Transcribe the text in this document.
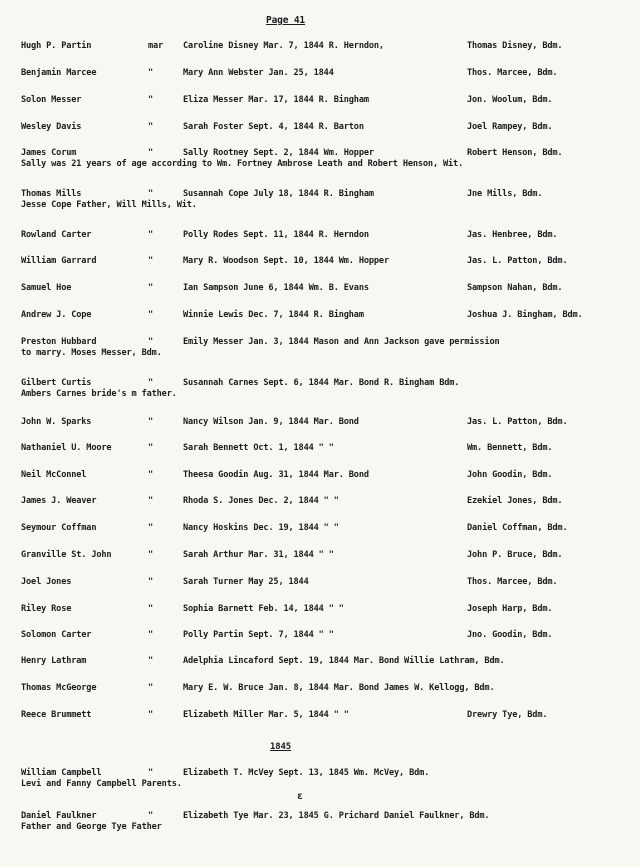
Page 41
Hugh P. Partin	mar Caroline Disney Mar. 7, 1844 R. Herndon,	Thomas Disney, Bdm.
Benjamin Marcee	"	Mary Ann Webster Jan. 25, 1844	Thos. Marcee, Bdm.
Solon Messer	"	Eliza Messer Mar. 17, 1844 R. Bingham	Jon. Woolum, Bdm.
Wesley Davis	"	Sarah Foster Sept. 4, 1844 R. Barton	Joel Rampey, Bdm.
James Corum	"	Sally Rootney Sept. 2, 1844 Wm. Hopper	Robert Henson, Bdm.
Sally was 21 years of age according to Wm. Fortney Ambrose Leath and Robert Henson, Wit.
Thomas Mills	"	Susannah Cope July 18, 1844 R. Bingham	Jne Mills, Bdm.
Jesse Cope Father, Will Mills, Wit.
Rowland Carter	"	Polly Rodes Sept. 11, 1844 R. Herndon	Jas. Henbree, Bdm.
William Garrard	"	Mary R. Woodson Sept. 10, 1844 Wm. Hopper	Jas. L. Patton, Bdm.
Samuel Hoe	"	Ian Sampson June 6, 1844 Wm. B. Evans	Sampson Nahan, Bdm.
Andrew J. Cope	"	Winnie Lewis Dec. 7, 1844 R. Bingham	Joshua J. Bingham, Bdm.
Preston Hubbard	"	Emily Messer Jan. 3, 1844 Mason and Ann Jackson gave permission
to marry. Moses Messer, Bdm.
Gilbert Curtis	"	Susannah Carnes Sept. 6, 1844 Mar. Bond R. Bingham Bdm.
Ambers Carnes bride's m father.
John W. Sparks	"	Nancy Wilson Jan. 9, 1844 Mar. Bond	Jas. L. Patton, Bdm.
Nathaniel U. Moore	"	Sarah Bennett Oct. 1, 1844 " "	Wm. Bennett, Bdm.
Neil McConnel	"	Theesa Goodin Aug. 31, 1844 Mar. Bond	John Goodin, Bdm.
James J. Weaver	"	Rhoda S. Jones Dec. 2, 1844 " "	Ezekiel Jones, Bdm.
Seymour Coffman	"	Nancy Hoskins Dec. 19, 1844 " "	Daniel Coffman, Bdm.
Granville St. John	"	Sarah Arthur Mar. 31, 1844 " "	John P. Bruce, Bdm.
Joel Jones	"	Sarah Turner May 25, 1844	Thos. Marcee, Bdm.
Riley Rose	"	Sophia Barnett Feb. 14, 1844 " "	Joseph Harp, Bdm.
Solomon Carter	"	Polly Partin Sept. 7, 1844 " "	Jno. Goodin, Bdm.
Henry Lathram	"	Adelphia Lincaford Sept. 19, 1844 Mar. Bond Willie Lathram, Bdm.
Thomas McGeorge	"	Mary E. W. Bruce Jan. 8, 1844 Mar. Bond James W. Kellogg, Bdm.
Reece Brummett	"	Elizabeth Miller Mar. 5, 1844 " "	Drewry Tye, Bdm.
1845
William Campbell	"	Elizabeth T. McVey Sept. 13, 1845 Wm. McVey, Bdm.
Levi and Fanny Campbell Parents.
Daniel Faulkner	"	Elizabeth Tye Mar. 23, 1845 G. Prichard Daniel Faulkner, Bdm.
Father and George Tye Father
ɛ
